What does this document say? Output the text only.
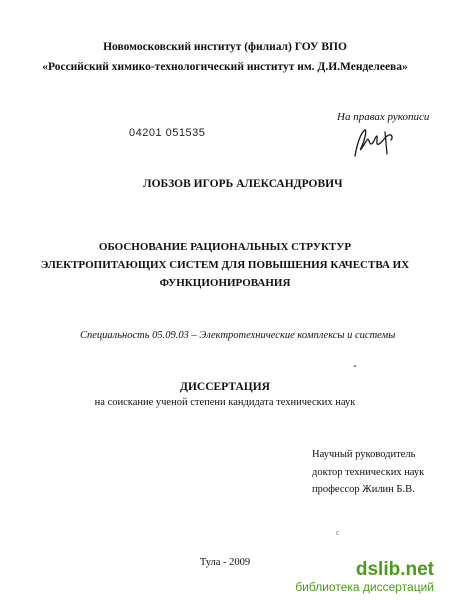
Новомосковский институт (филиал) ГОУ ВПО
«Российский химико-технологический институт им. Д.И.Менделеева»
На правах рукописи
04201 051535
ЛОБЗОВ ИГОРЬ АЛЕКСАНДРОВИЧ
ОБОСНОВАНИЕ РАЦИОНАЛЬНЫХ СТРУКТУР
ЭЛЕКТРОПИТАЮЩИХ СИСТЕМ ДЛЯ ПОВЫШЕНИЯ КАЧЕСТВА ИХ
ФУНКЦИОНИРОВАНИЯ
Специальность 05.09.03 – Электротехнические комплексы и системы
ДИССЕРТАЦИЯ
на соискание ученой степени кандидата технических наук
Научный руководитель
доктор технических наук
профессор Жилин Б.В.
с
Тула - 2009	dslib.net
библиотека диссертаций
